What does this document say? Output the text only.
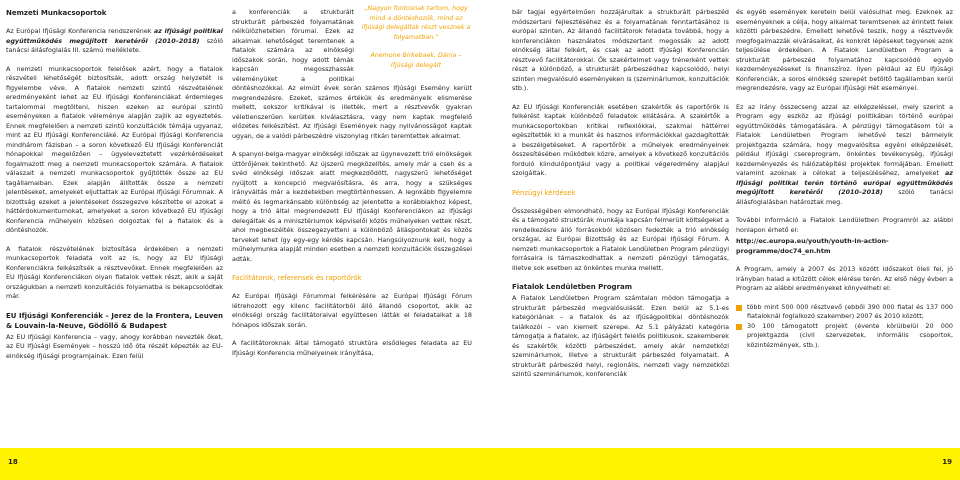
Nemzeti Munkacsoportok

Az Európai Ifjúsági Konferencia rendszerének az ifjúsági politikai együttműködés megújított keretéről (2010–2018) szóló tanácsi állásfoglalás III. számú melléklete.

A nemzeti munkacsoportok felelősek azért, hogy a fiatalok részvételi lehetőségét biztosítsák, adott ország helyzetét is figyelembe véve. A fiatalok nemzeti szintű részvételének eredményeként lehet az EU Ifjúsági Konferenciákat érdemleges tartalommal megtölteni, hiszen ezeken az európai szintű eseményeken a fiatalok véleménye alapján zajlik az egyeztetés. Ennek megfelelően a nemzeti szintű konzultációk témája ugyanaz, mint az EU Ifjúsági Konferenciáké. Az Európai Ifjúsági Konferencia mindhárom fázisban – a soron következő EU Ifjúsági Konferenciát hónapokkal megelőzően – ügyeleveztetett vezérkérdéseket fogalmazott meg a nemzeti munkacsoportok számára. A fiatalok válaszait a nemzeti munkacsoportok gyűjtötték össze az EU tagállamaiban. Ezek alapján állították össze a nemzeti jelentéseket, amelyeket eljuttattak az Európai Ifjúsági Fórumnak. A bizottság ezeket a jelentéseket összegezve készítette el azokat a háttérdokumentumokat, amelyeket a soron következő EU Ifjúsági Konferencia műhelyein közösen dolgoztak fel a fiatalok és a döntéshozók.

A fiatalok részvételének biztosítása érdekében a nemzeti munkacsoportok feladata volt az is, hogy az EU Ifjúsági Konferenciákra felkészítsék a résztvevőket. Ennek megfelelően az EU Ifjúsági Konferenciákon olyan fiatalok vettek részt, akik a saját országukban a nemzeti konzultációs folyamatba is bekapcsolódtak már.

EU Ifjúsági Konferenciák – Jerez de la Frontera, Leuven & Louvain-la-Neuve, Gödöllő & Budapest

Az EU Ifjúsági Konferencia – vagy, ahogy korábban nevezték őket, az EU Ifjúsági Események – hosszú idő óta részét képezték az EU-elnökség ifjúsági programjainak. Ezen felül

„Nagyon fontosnak tartom, hogy mind a döntéshozók, mind az ifjúsági delegáltak részt vesznek a folyamatban.”

Anemone Birkebaek, Dánia – ifjúsági delegált

a konferenciák a strukturált strukturált párbeszéd folyamatának nélkülözhetetlen fórumai. Ezek az alkalmak lehetőséget teremtenek a fiatalok számára az elnökségi időszakok során, hogy adott témák kapcsán megosszhassák véleményüket a politikai döntéshozókkal. Az elmúlt évek során számos Ifjúsági Esemény került megrendezésre. Ezeket, számos értékük és eredményeik elismerése mellett, sokszor kritikával is illették, mert a résztvevők gyakran véletlenszerűen kerültek kiválasztásra, vagy nem kaptak megfelelő előzetes felkészítést. Az Ifjúsági Események nagy nyilvánosságot kaptak ugyan, de a valódi párbeszédre viszonylag ritkán teremtettek alkalmat.

A spanyol-belga-magyar elnökségi időszak az úgynevezett trió elnökségek úttörőjének tekinthető. Az újszerű megközelítés, amely már a cseh és a svéd elnökségi időszak alatt megkezdődött, nagyszerű lehetőséget nyújtott a koncepció megvalósításra, és arra, hogy a szükséges irányváltás már a kezdetekben megtörténhessen. A legnkább figyelemre méltó és legmarkánsabb különbség az jelentette a korábbiakhoz képest, hogy a trió által megrendezett EU Ifjúsági Konferenciákon az ifjúsági delegáltak és a minisztériumok képviselői közös műhelyeken vettek részt, ahol megbeszélték összegezyetteni a különböző álláspontokat és közös terveket lehet így egy-egy kérdés kapcsán. Hangsúlyoznunk kell, hogy a műhelymunka alapját minden esetben a nemzeti konzultációk összegzései adták.

Facilitátorok, referensek és raportőrök

Az Európai Ifjúsági Fórummal felkérésére az Európai Ifjúsági Fórum létrehozott egy kilenc facilitátorból álló állandó csoportot, akik az elnökségi ország facilitátoraival együttesen látták el feladataikat a 18 hónapos időszak során.

A facilitátoroknak által támogató struktúra elsődleges feladata az EU Ifjúsági Konferencia műhelyeinek irányítása,

18

bár tagjai egyértelműen hozzájárultak a strukturált párbeszéd módszertani fejlesztéséhez és a folyamatának fenntartásához is európai szinten. Az állandó facilitátorok feladata továbbá, hogy a konferenciákon használatos módszertant megossák az adott elnökség által felkért, és csak az adott Ifjúsági Konferencián résztvevő facilitátorokkal. Ők szakértelmet vagy trénerként vettek részt a különböző, a strukturált párbeszédhez kapcsolódó, helyi szinten megvalósuló eseményeken is (szemináriumok, konzultációk stb.).

Az EU Ifjúsági Konferenciák esetében szakértők és raportőrök is felkérést kaptak különböző feladatok ellátására. A szakértők a munkacsoportokban kritikai reflexiókkal, szakmai háttérrel egészítették ki a munkát és hasznos információkkal gazdagították a beszélgetéseket. A raportőrök a műhelyek eredményeinek összesítésében működtek közre, amelyek a következő konzultációs forduló kiindulópontjául vagy a politikai végeredmény alapjául szolgáltak.

Pénzügyi kérdések

Összességében elmondható, hogy az Európai Ifjúsági Konferenciák és a támogató struktúrák munkája kapcsán felmerült költségeket a rendelkezésre álló forrásokból közösen fedezték a trió elnökség országai, az Európai Bizottság és az Európai Ifjúsági Fórum. A nemzeti munkacsoportok a Fiatalok Lendületben Program pénzügyi forrásaira is támaszkodhattak a nemzeti pénzügyi támogatás, illetve sok esetben az önkéntes munka mellett.

Fiatalok Lendületben Program

A Fiatalok Lendületben Program számtalan módon támogatja a strukturált párbeszéd megvalósulását. Ezen belül az 5.1-es kategóriának – a fiatalok és az ifjúságpolitikai döntéshozók találkozói – van kiemelt szerepe. Az 5.1 pályázati kategória támogatja a fiatalok, az ifjúságért felelős politikusok, szakemberek és szakértők közötti párbeszédet, amely akár nemzetközi szemináriumok, illetve a strukturált párbeszéd folyamatait. A strukturált párbeszéd helyi, regionális, nemzeti vagy nemzetközi szintű szemináriumok, konferenciák

és egyéb események keretein belül valósulhat meg. Ezeknek az eseményeknek a célja, hogy alkalmat teremtsenek az érintett felek közötti párbeszédre. Emellett lehetővé teszik, hogy a résztvevők megfogalmazzák elvárásaikat, és konkrét lépéseket tegyenek azok teljesülése érdekében. A Fiatalok Lendületben Program a strukturált párbeszéd folyamatához kapcsolódó egyéb kezdeményezéseket is finanszíroz. Ilyen például az EU Ifjúsági Konferenciák, a soros elnökség szerepét betöltő tagállamban kerül megrendezésre, vagy az Európai Ifjúsági Hét eseményei.

Ez az írány összecseng azzal az elképzeléssel, mely szerint a Program egy eszköz az ifjúsági politikában történő európai együttműködés támogatására. A pénzügyi támogatásom túl a Fiatalok Lendületben Program lehetővé teszi bármelyik projektgazda számára, hogy megvalósítsa egyéni elképzelését, például ifjúsági csereprogram, önkéntes tevékenység, ifjúsági kezdeményezés és hálózatépítési projektek formájában. Emellett valamint azoknak a célokat a teljesüléséhez, amelyeket az ifjúsági politikai terén történő európai együttműködés megújított keretéről (2010–2018) szóló tanácsi állásfoglalásban határoztak meg.

További információ a Fiatalok Lendületben Programról az alábbi honlapon érhető el:

http://ec.europa.eu/youth/youth-in-action-programme/doc74_en.htm

A Program, amely a 2007 és 2013 között időszakot öleli fel, jó irányban halad a kitűzött célok elérése terén. Az első négy évben a Program az alábbi eredményeket könyvelheti el:

több mint 500 000 résztvevő (ebből 390 000 fiatal és 137 000 fiataloknál foglalkozó szakember) 2007 és 2010 között;
30 100 támogatott projekt (évente körülbelül 20 000 projektgazda (civil szervezetek, informális csoportok, közintézmények, stb.).
19
